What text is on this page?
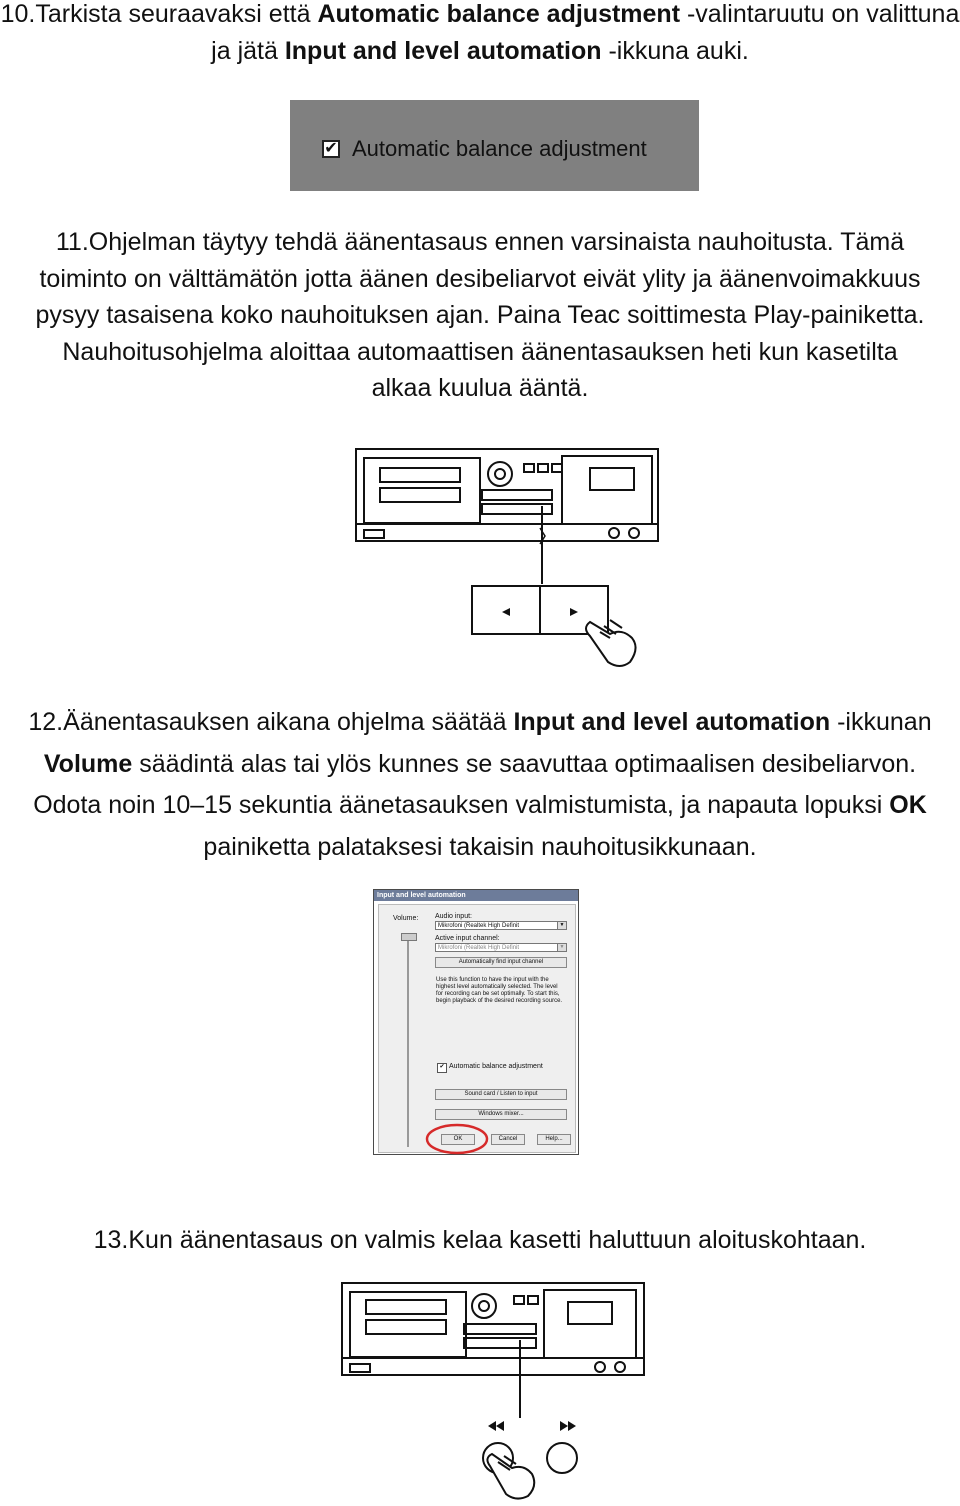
10.Tarkista seuraavaksi että Automatic balance adjustment -valintaruutu on valittuna ja jätä Input and level automation -ikkuna auki.
✔ Automatic balance adjustment
11.Ohjelman täytyy tehdä äänentasaus ennen varsinaista nauhoitusta. Tämä toiminto on välttämätön jotta äänen desibeliarvot eivät ylity ja äänenvoimakkuus pysyy tasaisena koko nauhoituksen ajan. Paina Teac soittimesta Play-painiketta. Nauhoitusohjelma aloittaa automaattisen äänentasauksen heti kun kasetilta alkaa kuulua ääntä.
12.Äänentasauksen aikana ohjelma säätää Input and level automation -ikkunan Volume säädintä alas tai ylös kunnes se saavuttaa optimaalisen desibeliarvon. Odota noin 10–15 sekuntia äänetasauksen valmistumista, ja napauta lopuksi OK painiketta palataksesi takaisin nauhoitusikkunaan.
Input and level automation
Volume: Audio input:
Mikrofoni (Realtek High Definit	▼
Active input channel:
Mikrofoni (Realtek High Definit	▼
Automatically find input channel
Use this function to have the input with the highest level automatically selected. The level for recording can be set optimally. To start this, begin playback of the desired recording source.
✔ Automatic balance adjustment
Sound card / Listen to input
Windows mixer...
OK	Cancel	Help...
13.Kun äänentasaus on valmis kelaa kasetti haluttuun aloituskohtaan.
